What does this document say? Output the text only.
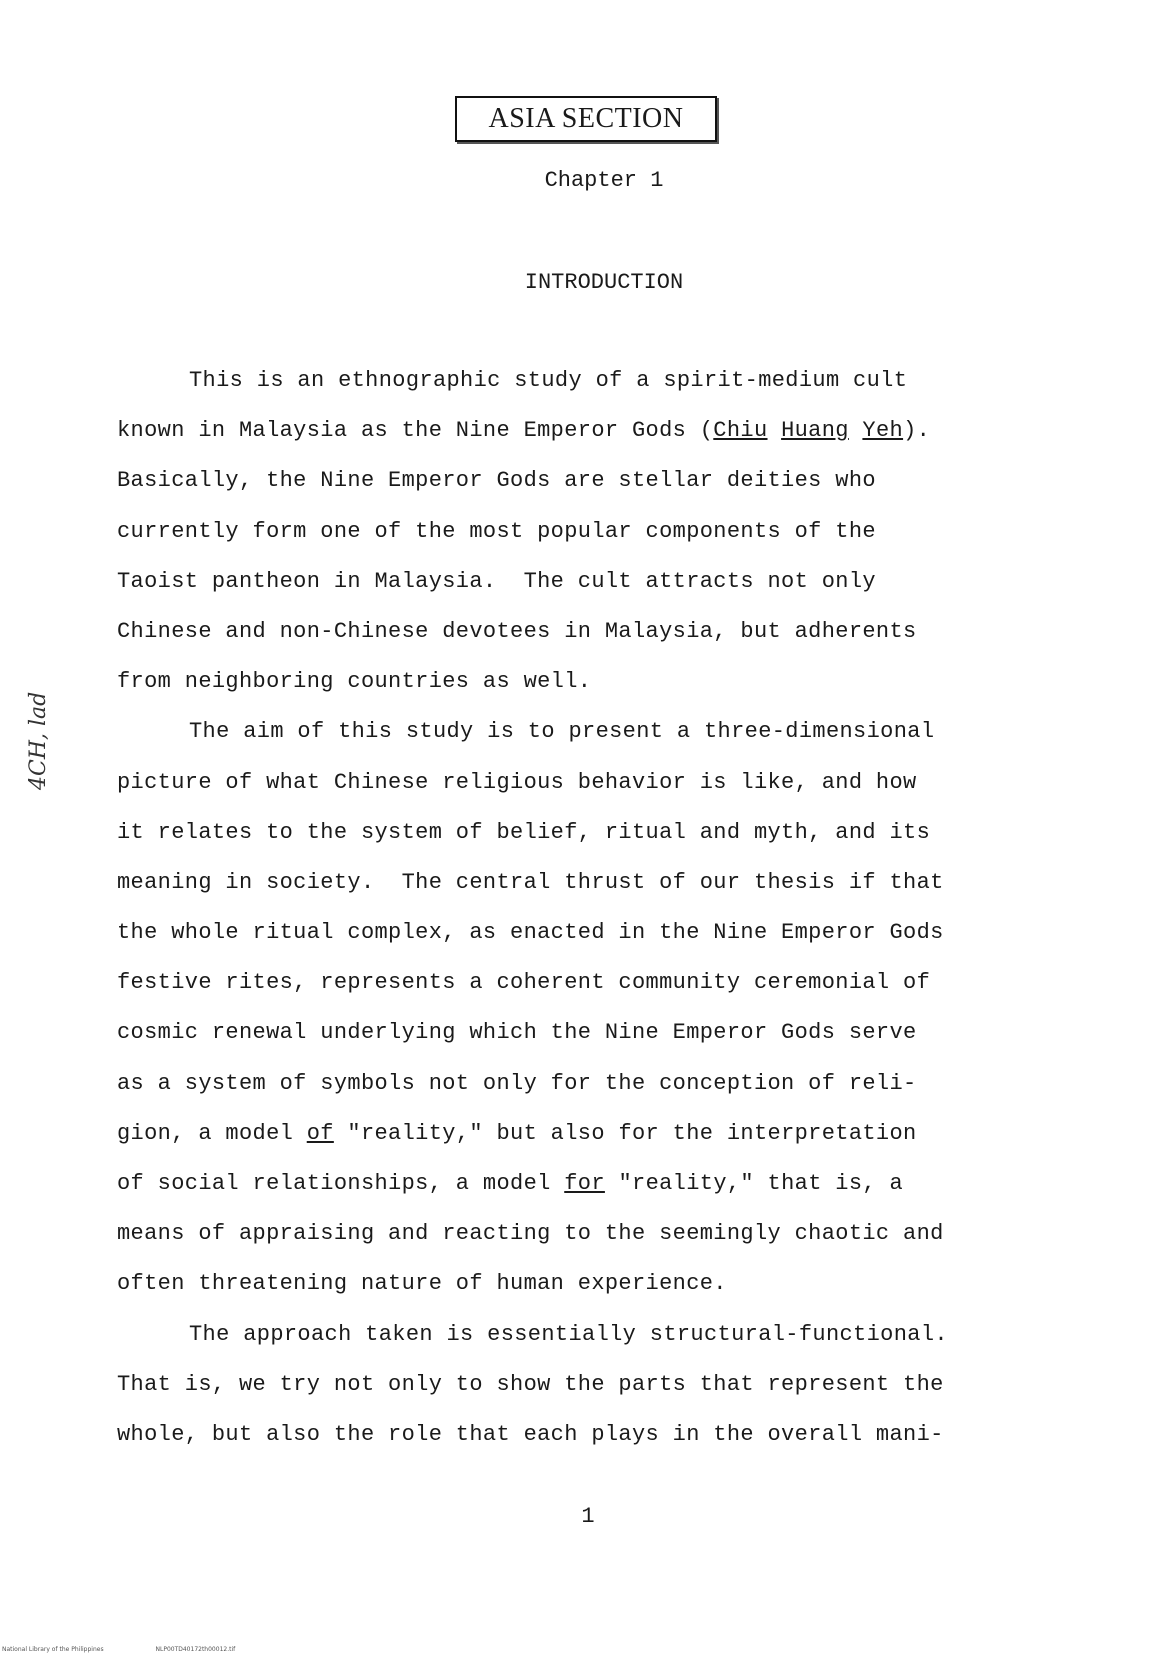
ASIA SECTION
Chapter 1
INTRODUCTION
4CH, lad
This is an ethnographic study of a spirit-medium cult
known in Malaysia as the Nine Emperor Gods (Chiu Huang Yeh).
Basically, the Nine Emperor Gods are stellar deities who
currently form one of the most popular components of the
Taoist pantheon in Malaysia.  The cult attracts not only
Chinese and non-Chinese devotees in Malaysia, but adherents
from neighboring countries as well.
The aim of this study is to present a three-dimensional
picture of what Chinese religious behavior is like, and how
it relates to the system of belief, ritual and myth, and its
meaning in society.  The central thrust of our thesis if that
the whole ritual complex, as enacted in the Nine Emperor Gods
festive rites, represents a coherent community ceremonial of
cosmic renewal underlying which the Nine Emperor Gods serve
as a system of symbols not only for the conception of reli-
gion, a model of "reality," but also for the interpretation
of social relationships, a model for "reality," that is, a
means of appraising and reacting to the seemingly chaotic and
often threatening nature of human experience.
The approach taken is essentially structural-functional.
That is, we try not only to show the parts that represent the
whole, but also the role that each plays in the overall mani-
1
National Library of the Philippines	NLP00TD40172th00012.tif
